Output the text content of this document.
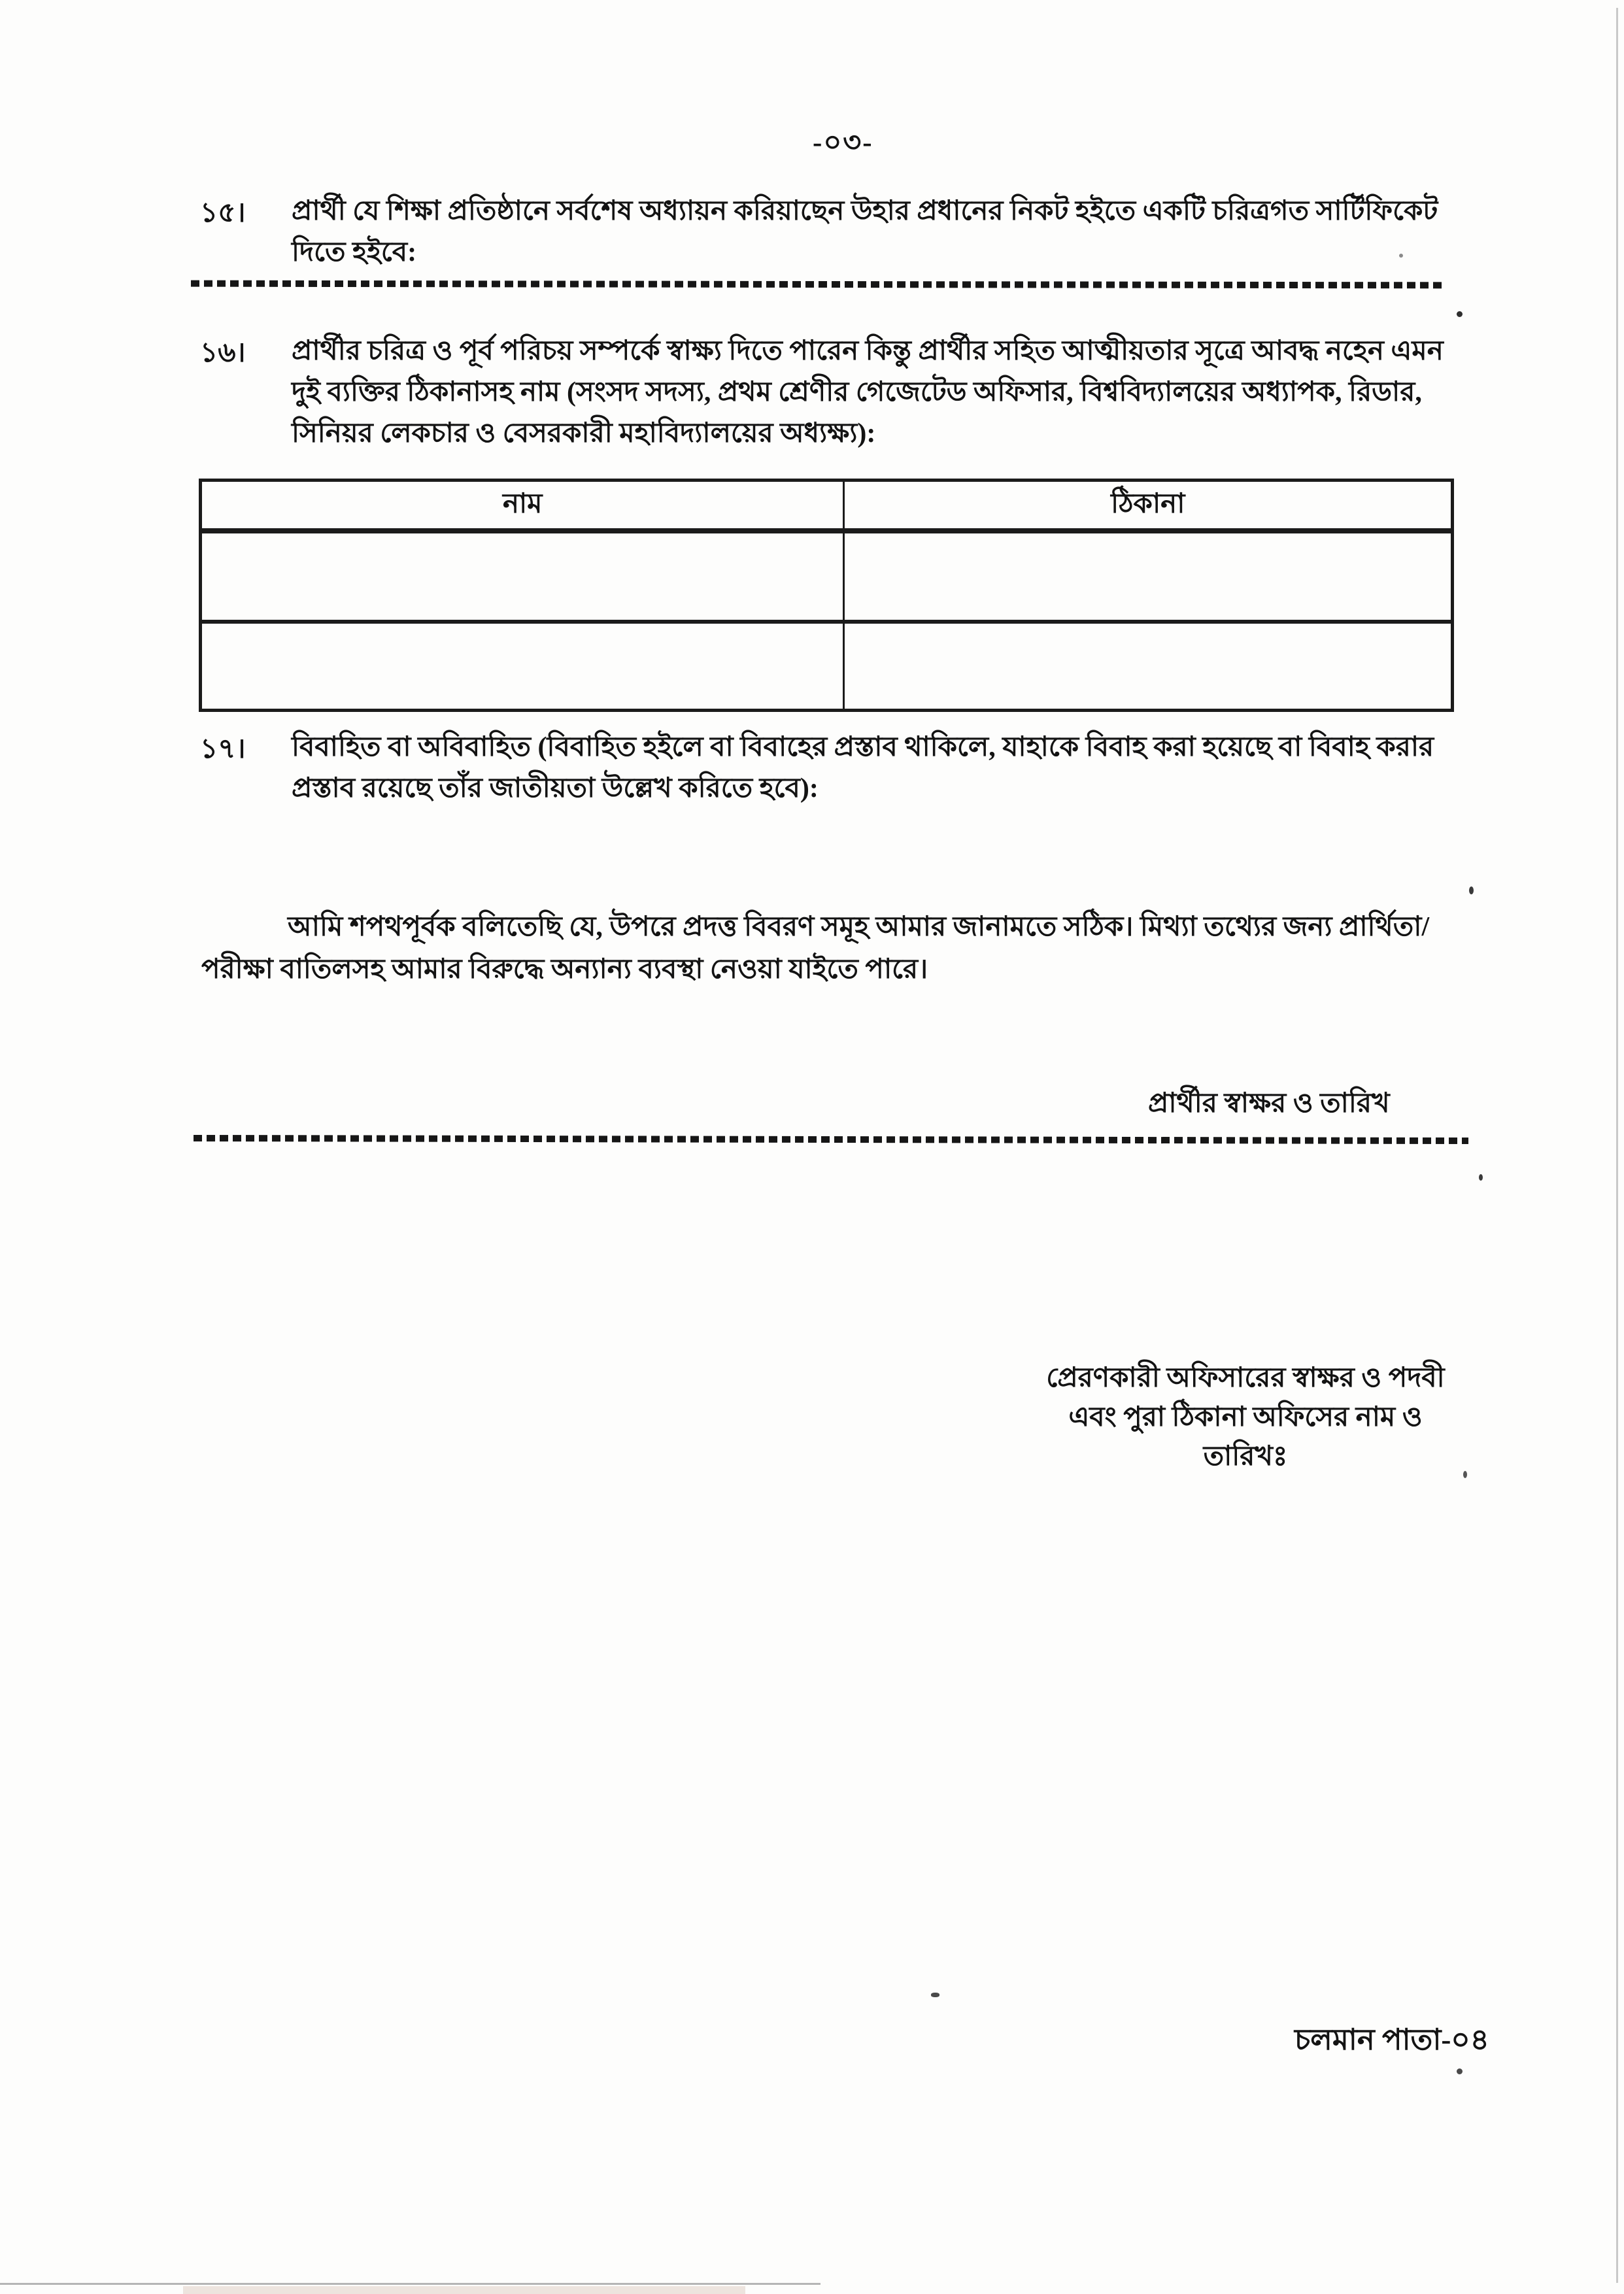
-০৩-
১৫। প্রার্থী যে শিক্ষা প্রতিষ্ঠানে সর্বশেষ অধ্যায়ন করিয়াছেন উহার প্রধানের নিকট হইতে একটি চরিত্রগত সার্টিফিকেট দিতে হইবে:
১৬। প্রার্থীর চরিত্র ও পূর্ব পরিচয় সম্পর্কে স্বাক্ষ্য দিতে পারেন কিন্তু প্রার্থীর সহিত আত্মীয়তার সূত্রে আবদ্ধ নহেন এমন দুই ব্যক্তির ঠিকানাসহ নাম (সংসদ সদস্য, প্রথম শ্রেণীর গেজেটেড অফিসার, বিশ্ববিদ্যালয়ের অধ্যাপক, রিডার, সিনিয়র লেকচার ও বেসরকারী মহাবিদ্যালয়ের অধ্যক্ষ্য):
নাম	ঠিকানা

১৭। বিবাহিত বা অবিবাহিত (বিবাহিত হইলে বা বিবাহের প্রস্তাব থাকিলে, যাহাকে বিবাহ করা হয়েছে বা বিবাহ করার প্রস্তাব রয়েছে তাঁর জাতীয়তা উল্লেখ করিতে হবে):
আমি শপথপূর্বক বলিতেছি যে, উপরে প্রদত্ত বিবরণ সমূহ আমার জানামতে সঠিক। মিথ্যা তথ্যের জন্য প্রার্থিতা/পরীক্ষা বাতিলসহ আমার বিরুদ্ধে অন্যান্য ব্যবস্থা নেওয়া যাইতে পারে।
প্রার্থীর স্বাক্ষর ও তারিখ
প্রেরণকারী অফিসারের স্বাক্ষর ও পদবী
এবং পুরা ঠিকানা অফিসের নাম ও
তারিখঃ
চলমান পাতা-০৪
